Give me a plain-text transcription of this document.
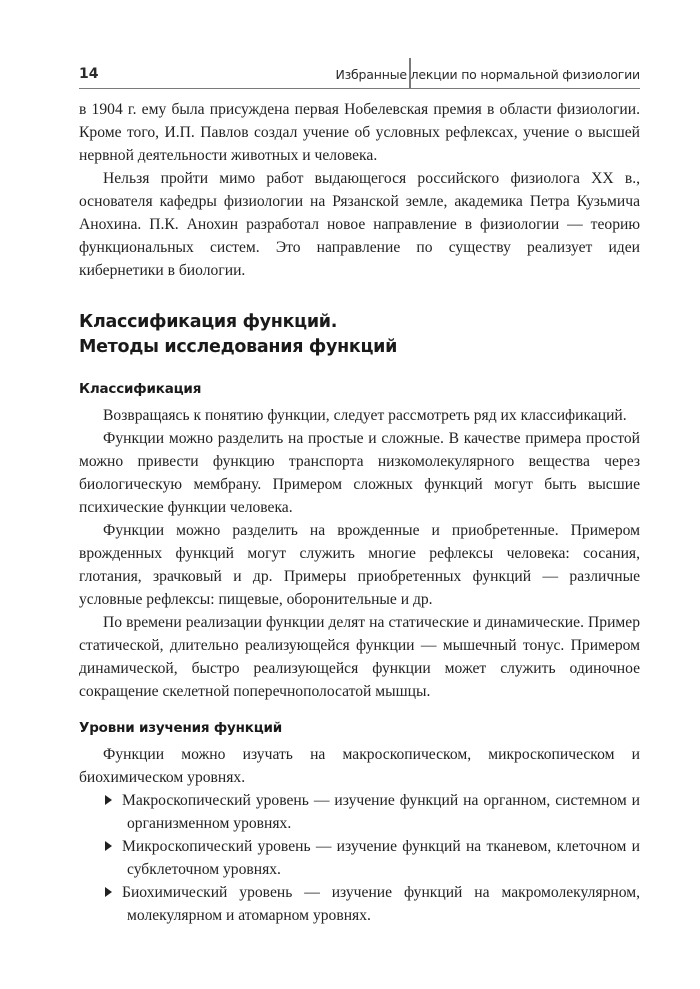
14	Избранные лекции по нормальной физиологии

в 1904 г. ему была присуждена первая Нобелевская премия в области физиологии. Кроме того, И.П. Павлов создал учение об условных рефлексах, учение о высшей нервной деятельности животных и человека.

Нельзя пройти мимо работ выдающегося российского физиолога XX в., основателя кафедры физиологии на Рязанской земле, академика Петра Кузьмича Анохина. П.К. Анохин разработал новое направление в физиологии — теорию функциональных систем. Это направление по существу реализует идеи кибернетики в биологии.

Классификация функций.
Методы исследования функций
Классификация

Возвращаясь к понятию функции, следует рассмотреть ряд их классификаций.

Функции можно разделить на простые и сложные. В качестве примера простой можно привести функцию транспорта низкомолекулярного вещества через биологическую мембрану. Примером сложных функций могут быть высшие психические функции человека.

Функции можно разделить на врожденные и приобретенные. Примером врожденных функций могут служить многие рефлексы человека: сосания, глотания, зрачковый и др. Примеры приобретенных функций — различные условные рефлексы: пищевые, оборонительные и др.

По времени реализации функции делят на статические и динамические. Пример статической, длительно реализующейся функции — мышечный тонус. Примером динамической, быстро реализующейся функции может служить одиночное сокращение скелетной поперечнополосатой мышцы.

Уровни изучения функций

Функции можно изучать на макроскопическом, микроскопическом и биохимическом уровнях.

Макроскопический уровень — изучение функций на органном, системном и организменном уровнях.
Микроскопический уровень — изучение функций на тканевом, клеточном и субклеточном уровнях.
Биохимический уровень — изучение функций на макромолекулярном, молекулярном и атомарном уровнях.
